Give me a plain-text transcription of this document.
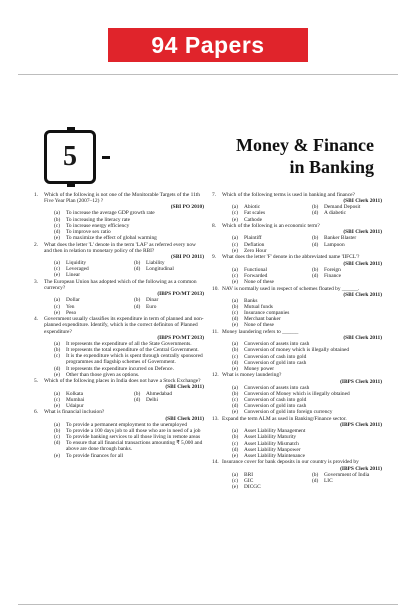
94 Papers
5	Money & Finance
in Banking
1. Which of the following is not one of the Monitorable Targets of the 11th Five Year Plan (2007–12) ?
(SBI PO 2010)
(a) To increase the average GDP growth rate
(b) To increasing the literacy rate
(c) To increase energy efficiency
(d) To improve sex ratio
(e) To maximize the effect of global warming
2. What does the letter 'L' denote in the term 'LAF' as referred every now and then in relation to monetary policy of the RBI?
(SBI PO 2011)
(a) Liquidity	(b) Liability
(c) Leveraged	(d) Longitudinal
(e) Linear
3. The European Union has adopted which of the following as a common currency?
(IBPS PO/MT 2013)
(a) Dollar	(b) Dinar
(c) Yen	(d) Euro
(e) Peso
4. Government usually classifies its expenditure in term of planned and non-planned expenditure. Identify, which is the correct definiton of Planned expenditure?
(IBPS PO/MT 2013)
(a) It represents the expenditure of all the State Governments.
(b) It represents the total expenditure of the Central Government.
(c) It is the expenditure which is spent through centrally sponsored programmes and flagship schemes of Government.
(d) It represents the expenditure incurred on Defence.
(e) Other than those given as options.
5. Which of the following places in India does not have a Stock Exchange?
(SBI Clerk 2011)
(a) Kolkata	(b) Ahmedabad
(c) Mumbai	(d) Delhi
(e) Udaipur
6. What is financial inclusion?
(SBI Clerk 2011)
(a) To provide a permanent employment to the unemployed
(b) To provide a 100 days job to all those who are in need of a job
(c) To provide banking services to all those living in remote areas
(d) To ensure that all financial transactions amounting ₹ 5,000 and above are done through banks.
(e) To provide finances for all
7. Which of the following terms is used in banking and finance?
(SBI Clerk 2011)
(a) Abiotic	(b) Demand Deposit
(c) Fat scales	(d) A diabetic
(e) Cathode
8. Which of the following is an economic term?
(SBI Clerk 2011)
(a) Plaintiff	(b) Banker Blaster
(c) Deflation	(d) Lampoon
(e) Zero Hour
9. What does the letter 'F' denote in the abbreviated name 'IIFCL'?
(SBI Clerk 2011)
(a) Functional	(b) Foreign
(c) Forwarded	(d) Finance
(e) None of these
10. NAV is normally used in respect of schemes floated by ______.
(SBI Clerk 2011)
(a) Banks
(b) Mutual funds
(c) Insurance companies
(d) Merchant banker
(e) None of these
11. Money laundering refers to ______
(SBI Clerk 2011)
(a) Conversion of assets into cash
(b) Conversion of money which is illegally obtained
(c) Conversion of cash into gold
(d) Conversion of gold into cash
(e) Money power
12. What is money laundering?
(IBPS Clerk 2011)
(a) Conversion of assets into cash
(b) Conversion of Money which is illegally obtained
(c) Conversion of cash into gold
(d) Conversion of gold into cash
(e) Conversion of gold into foreign currency
13. Expand the term ALM as used in Banking/Finance sector.
(IBPS Clerk 2011)
(a) Asset Liability Management
(b) Asset Liability Maturity
(c) Asset Liability Mismatch
(d) Asset Liability Manpower
(e) Asset Liability Maintenance
14. Insurance cover for bank deposits in our country is provided by
(IBPS Clerk 2011)
(a) BRI	(b) Government of India
(c) GIC	(d) LIC
(e) DICGC
